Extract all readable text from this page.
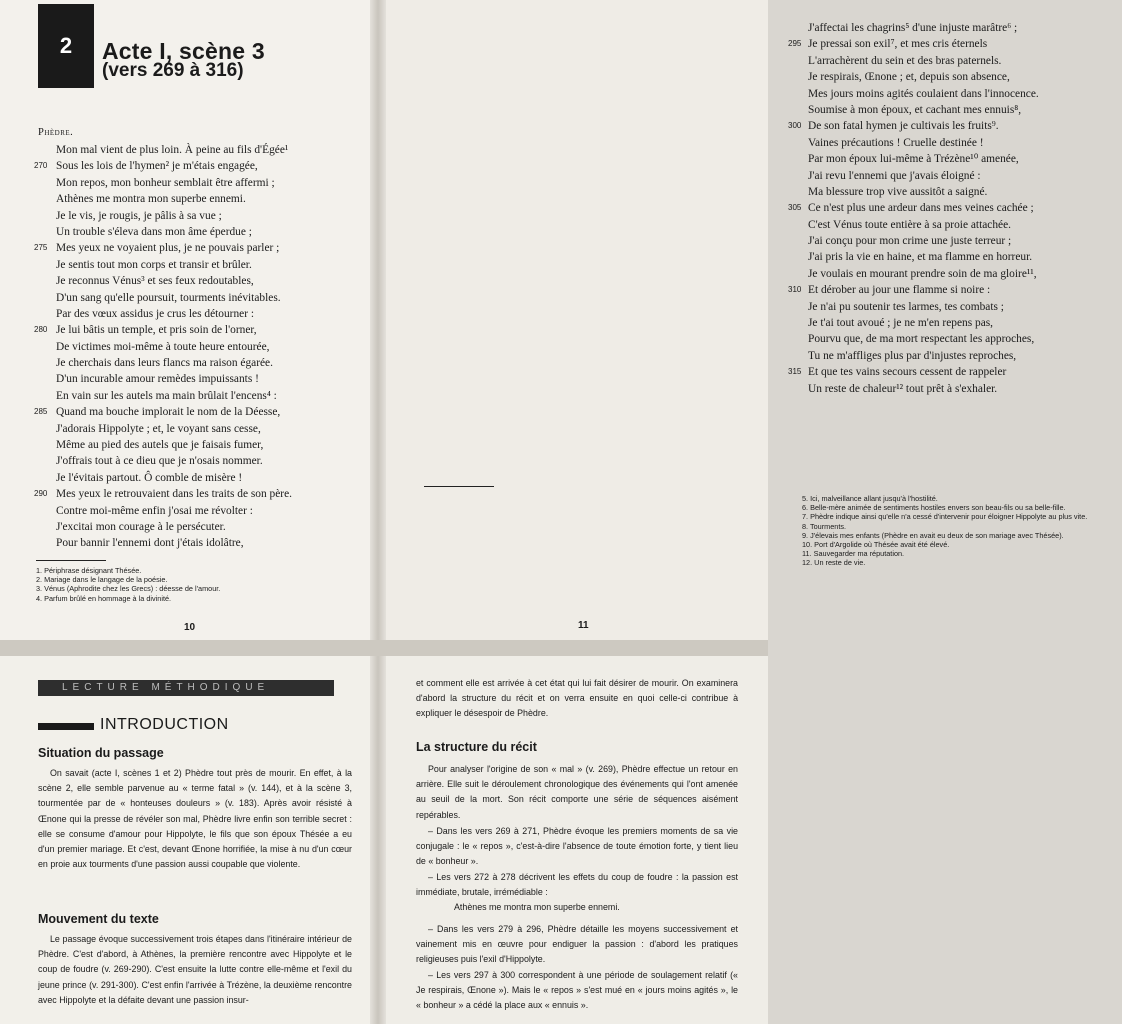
2	Acte I, scène 3
(vers 269 à 316)
Phèdre.
Mon mal vient de plus loin. À peine au fils d'Égée¹
270 Sous les lois de l'hymen² je m'étais engagée,
Mon repos, mon bonheur semblait être affermi ;
Athènes me montra mon superbe ennemi.
Je le vis, je rougis, je pâlis à sa vue ;
Un trouble s'éleva dans mon âme éperdue ;
275 Mes yeux ne voyaient plus, je ne pouvais parler ;
Je sentis tout mon corps et transir et brûler.
Je reconnus Vénus³ et ses feux redoutables,
D'un sang qu'elle poursuit, tourments inévitables.
Par des vœux assidus je crus les détourner :
280 Je lui bâtis un temple, et pris soin de l'orner,
De victimes moi-même à toute heure entourée,
Je cherchais dans leurs flancs ma raison égarée.
D'un incurable amour remèdes impuissants !
En vain sur les autels ma main brûlait l'encens⁴ :
285 Quand ma bouche implorait le nom de la Déesse,
J'adorais Hippolyte ; et, le voyant sans cesse,
Même au pied des autels que je faisais fumer,
J'offrais tout à ce dieu que je n'osais nommer.
Je l'évitais partout. Ô comble de misère !
290 Mes yeux le retrouvaient dans les traits de son père.
Contre moi-même enfin j'osai me révolter :
J'excitai mon courage à le persécuter.
Pour bannir l'ennemi dont j'étais idolâtre,
1. Périphrase désignant Thésée.
2. Mariage dans le langage de la poésie.
3. Vénus (Aphrodite chez les Grecs) : déesse de l'amour.
4. Parfum brûlé en hommage à la divinité.
10
J'affectai les chagrins⁵ d'une injuste marâtre⁶ ;
295 Je pressai son exil⁷, et mes cris éternels
L'arrachèrent du sein et des bras paternels.
Je respirais, Œnone ; et, depuis son absence,
Mes jours moins agités coulaient dans l'innocence.
Soumise à mon époux, et cachant mes ennuis⁸,
300 De son fatal hymen je cultivais les fruits⁹.
Vaines précautions ! Cruelle destinée !
Par mon époux lui-même à Trézène¹⁰ amenée,
J'ai revu l'ennemi que j'avais éloigné :
Ma blessure trop vive aussitôt a saigné.
305 Ce n'est plus une ardeur dans mes veines cachée ;
C'est Vénus toute entière à sa proie attachée.
J'ai conçu pour mon crime une juste terreur ;
J'ai pris la vie en haine, et ma flamme en horreur.
Je voulais en mourant prendre soin de ma gloire¹¹,
310 Et dérober au jour une flamme si noire :
Je n'ai pu soutenir tes larmes, tes combats ;
Je t'ai tout avoué ; je ne m'en repens pas,
Pourvu que, de ma mort respectant les approches,
Tu ne m'affliges plus par d'injustes reproches,
315 Et que tes vains secours cessent de rappeler
Un reste de chaleur¹² tout prêt à s'exhaler.
5. Ici, malveillance allant jusqu'à l'hostilité.
6. Belle-mère animée de sentiments hostiles envers son beau-fils ou sa belle-fille.
7. Phèdre indique ainsi qu'elle n'a cessé d'intervenir pour éloigner Hippolyte au plus vite.
8. Tourments.
9. J'élevais mes enfants (Phèdre en avait eu deux de son mariage avec Thésée).
10. Port d'Argolide où Thésée avait été élevé.
11. Sauvegarder ma réputation.
12. Un reste de vie.
11
LECTURE MÉTHODIQUE
INTRODUCTION
Situation du passage

On savait (acte I, scènes 1 et 2) Phèdre tout près de mourir. En effet, à la scène 2, elle semble parvenue au « terme fatal » (v. 144), et à la scène 3, tourmentée par de « honteuses douleurs » (v. 183). Après avoir résisté à Œnone qui la presse de révéler son mal, Phèdre livre enfin son terrible secret : elle se consume d'amour pour Hippolyte, le fils que son époux Thésée a eu d'un premier mariage. Et c'est, devant Œnone horrifiée, la mise à nu d'un cœur en proie aux tourments d'une passion aussi coupable que violente.

Mouvement du texte

Le passage évoque successivement trois étapes dans l'itinéraire intérieur de Phèdre. C'est d'abord, à Athènes, la première rencontre avec Hippolyte et le coup de foudre (v. 269-290). C'est ensuite la lutte contre elle-même et l'exil du jeune prince (v. 291-300). C'est enfin l'arrivée à Trézène, la deuxième rencontre avec Hippolyte et la défaite devant une passion insur-

et comment elle est arrivée à cet état qui lui fait désirer de mourir. On examinera d'abord la structure du récit et on verra ensuite en quoi celle-ci contribue à expliquer le désespoir de Phèdre.

La structure du récit

Pour analyser l'origine de son « mal » (v. 269), Phèdre effectue un retour en arrière. Elle suit le déroulement chronologique des événements qui l'ont amenée au seuil de la mort. Son récit comporte une série de séquences aisément repérables.

– Dans les vers 269 à 271, Phèdre évoque les premiers moments de sa vie conjugale : le « repos », c'est-à-dire l'absence de toute émotion forte, y tient lieu de « bonheur ».

– Les vers 272 à 278 décrivent les effets du coup de foudre : la passion est immédiate, brutale, irrémédiable :

Athènes me montra mon superbe ennemi.

– Dans les vers 279 à 296, Phèdre détaille les moyens successivement et vainement mis en œuvre pour endiguer la passion : d'abord les pratiques religieuses puis l'exil d'Hippolyte.

– Les vers 297 à 300 correspondent à une période de soulagement relatif (« Je respirais, Œnone »). Mais le « repos » s'est mué en « jours moins agités », le « bonheur » a cédé la place aux « ennuis ».
